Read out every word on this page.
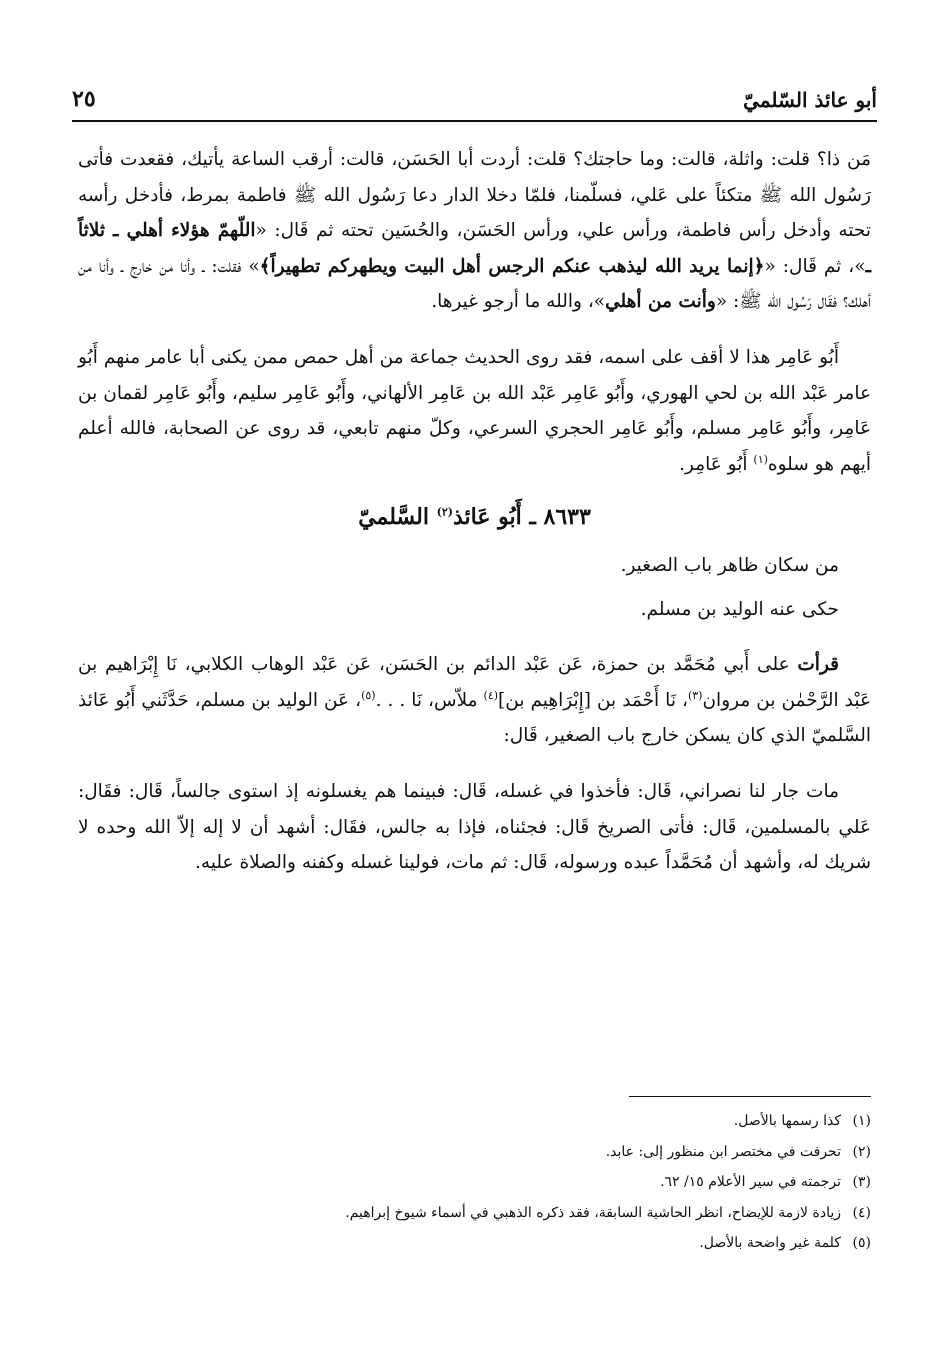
أبو عائذ السّلميّ
٢٥

مَن ذا؟ قلت: واثلة، قالت: وما حاجتك؟ قلت: أردت أبا الحَسَن، قالت: أرقب الساعة يأتيك، فقعدت فأتى رَسُول الله ﷺ متكئاً على عَلي، فسلّمنا، فلمّا دخلا الدار دعا رَسُول الله ﷺ فاطمة بمرط، فأدخل رأسه تحته وأدخل رأس فاطمة، ورأس علي، ورأس الحَسَن، والحُسَين تحته ثم قَال: «اللّهمّ هؤلاء أهلي ـ ثلاثاً ـ»، ثم قَال: «﴿إنما يريد الله ليذهب عنكم الرجس أهل البيت ويطهركم تطهيراً﴾» فقلت: ـ وأنا من خارج ـ وأنا من أهلك؟ فقَال رَسُول الله ﷺ: «وأنت من أهلي»، والله ما أرجو غيرها.

أَبُو عَامِر هذا لا أقف على اسمه، فقد روى الحديث جماعة من أهل حمص ممن يكنى أبا عامر منهم أَبُو عامر عَبْد الله بن لحي الهوري، وأَبُو عَامِر عَبْد الله بن عَامِر الألهاني، وأَبُو عَامِر سليم، وأَبُو عَامِر لقمان بن عَامِر، وأَبُو عَامِر مسلم، وأَبُو عَامِر الحجري السرعي، وكلّ منهم تابعي، قد روى عن الصحابة، فالله أعلم أيهم هو سلوه$^{(١)}$ أَبُو عَامِر.

٨٦٣٣ ـ أَبُو عَائذ$^{(٢)}$ السَّلميّ

من سكان ظاهر باب الصغير.

حكى عنه الوليد بن مسلم.

قرأت على أَبي مُحَمَّد بن حمزة، عَن عَبْد الدائم بن الحَسَن، عَن عَبْد الوهاب الكلابي، نَا إِبْرَاهيم بن عَبْد الرَّحْمٰن بن مروان$^{(٣)}$، نَا أَحْمَد بن [إِبْرَاهِيم بن]$^{(٤)}$ ملاّس، نَا . . .$^{(٥)}$، عَن الوليد بن مسلم، حَدَّثَني أَبُو عَائذ السَّلميّ الذي كان يسكن خارج باب الصغير، قَال:

مات جار لنا نصراني، قَال: فأخذوا في غسله، قَال: فبينما هم يغسلونه إذ استوى جالساً، قَال: فقَال: عَلي بالمسلمين، قَال: فأتى الصريخ قَال: فجئناه، فإذا به جالس، فقَال: أشهد أن لا إله إلاّ الله وحده لا شريك له، وأشهد أن مُحَمَّداً عبده ورسوله، قَال: ثم مات، فولينا غسله وكفنه والصلاة عليه.

(١)كذا رسمها بالأصل.

(٢)تحرفت في مختصر ابن منظور إلى: عابد.

(٣)ترجمته في سير الأعلام ١٥/ ٦٢.

(٤)زيادة لازمة للإيضاح، انظر الحاشية السابقة، فقد ذكره الذهبي في أسماء شيوخ إبراهيم.

(٥)كلمة غير واضحة بالأصل.
